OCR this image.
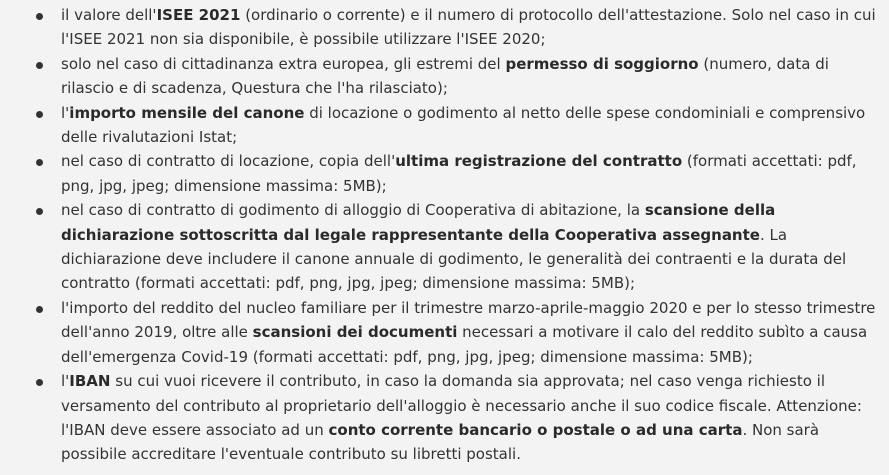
il valore dell'ISEE 2021 (ordinario o corrente) e il numero di protocollo dell'attestazione. Solo nel caso in cui l'ISEE 2021 non sia disponibile, è possibile utilizzare l'ISEE 2020;
solo nel caso di cittadinanza extra europea, gli estremi del permesso di soggiorno (numero, data di rilascio e di scadenza, Questura che l'ha rilasciato);
l'importo mensile del canone di locazione o godimento al netto delle spese condominiali e comprensivo delle rivalutazioni Istat;
nel caso di contratto di locazione, copia dell'ultima registrazione del contratto (formati accettati: pdf, png, jpg, jpeg; dimensione massima: 5MB);
nel caso di contratto di godimento di alloggio di Cooperativa di abitazione, la scansione della dichiarazione sottoscritta dal legale rappresentante della Cooperativa assegnante. La dichiarazione deve includere il canone annuale di godimento, le generalità dei contraenti e la durata del contratto (formati accettati: pdf, png, jpg, jpeg; dimensione massima: 5MB);
l'importo del reddito del nucleo familiare per il trimestre marzo-aprile-maggio 2020 e per lo stesso trimestre dell'anno 2019, oltre alle scansioni dei documenti necessari a motivare il calo del reddito subìto a causa dell'emergenza Covid-19 (formati accettati: pdf, png, jpg, jpeg; dimensione massima: 5MB);
l'IBAN su cui vuoi ricevere il contributo, in caso la domanda sia approvata; nel caso venga richiesto il versamento del contributo al proprietario dell'alloggio è necessario anche il suo codice fiscale. Attenzione: l'IBAN deve essere associato ad un conto corrente bancario o postale o ad una carta. Non sarà possibile accreditare l'eventuale contributo su libretti postali.
